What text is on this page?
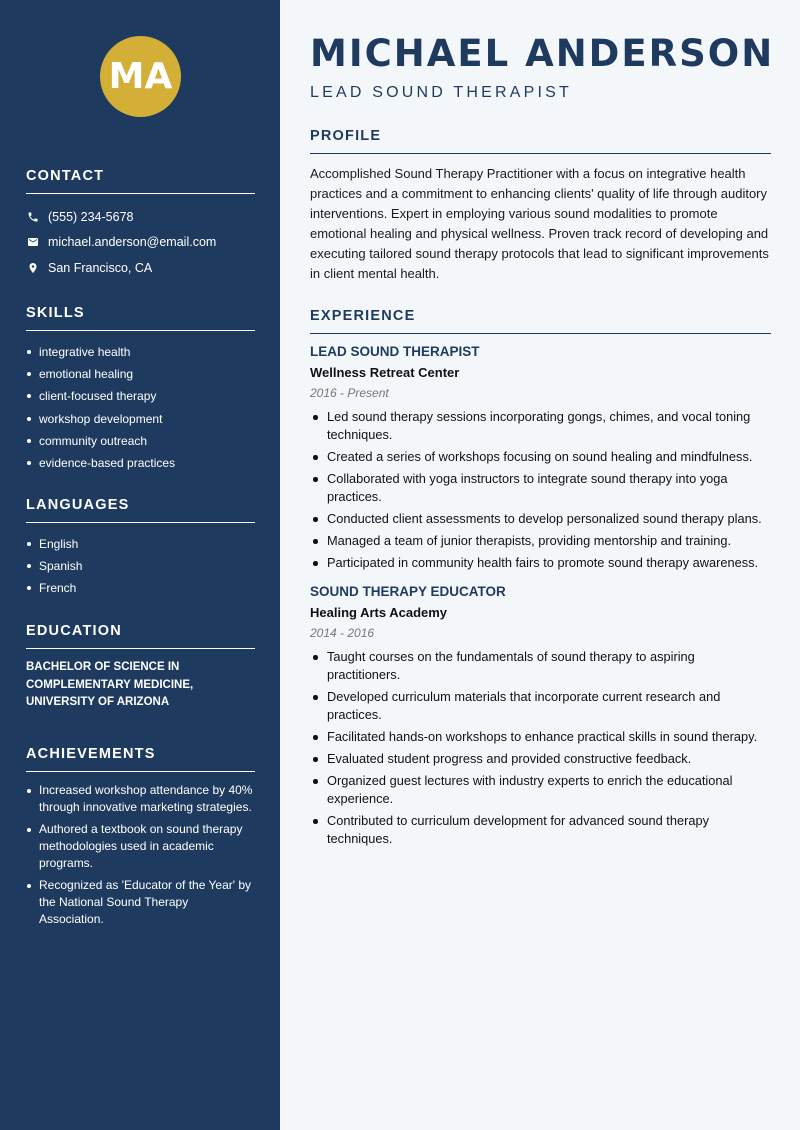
MA
CONTACT
(555) 234-5678
michael.anderson@email.com
San Francisco, CA
SKILLS
integrative health
emotional healing
client-focused therapy
workshop development
community outreach
evidence-based practices
LANGUAGES
English
Spanish
French
EDUCATION
BACHELOR OF SCIENCE IN COMPLEMENTARY MEDICINE, UNIVERSITY OF ARIZONA
ACHIEVEMENTS
Increased workshop attendance by 40% through innovative marketing strategies.
Authored a textbook on sound therapy methodologies used in academic programs.
Recognized as 'Educator of the Year' by the National Sound Therapy Association.
MICHAEL ANDERSON
LEAD SOUND THERAPIST
PROFILE

Accomplished Sound Therapy Practitioner with a focus on integrative health practices and a commitment to enhancing clients' quality of life through auditory interventions. Expert in employing various sound modalities to promote emotional healing and physical wellness. Proven track record of developing and executing tailored sound therapy protocols that lead to significant improvements in client mental health.

EXPERIENCE
LEAD SOUND THERAPIST
Wellness Retreat Center
2016 - Present
Led sound therapy sessions incorporating gongs, chimes, and vocal toning techniques.
Created a series of workshops focusing on sound healing and mindfulness.
Collaborated with yoga instructors to integrate sound therapy into yoga practices.
Conducted client assessments to develop personalized sound therapy plans.
Managed a team of junior therapists, providing mentorship and training.
Participated in community health fairs to promote sound therapy awareness.
SOUND THERAPY EDUCATOR
Healing Arts Academy
2014 - 2016
Taught courses on the fundamentals of sound therapy to aspiring practitioners.
Developed curriculum materials that incorporate current research and practices.
Facilitated hands-on workshops to enhance practical skills in sound therapy.
Evaluated student progress and provided constructive feedback.
Organized guest lectures with industry experts to enrich the educational experience.
Contributed to curriculum development for advanced sound therapy techniques.
